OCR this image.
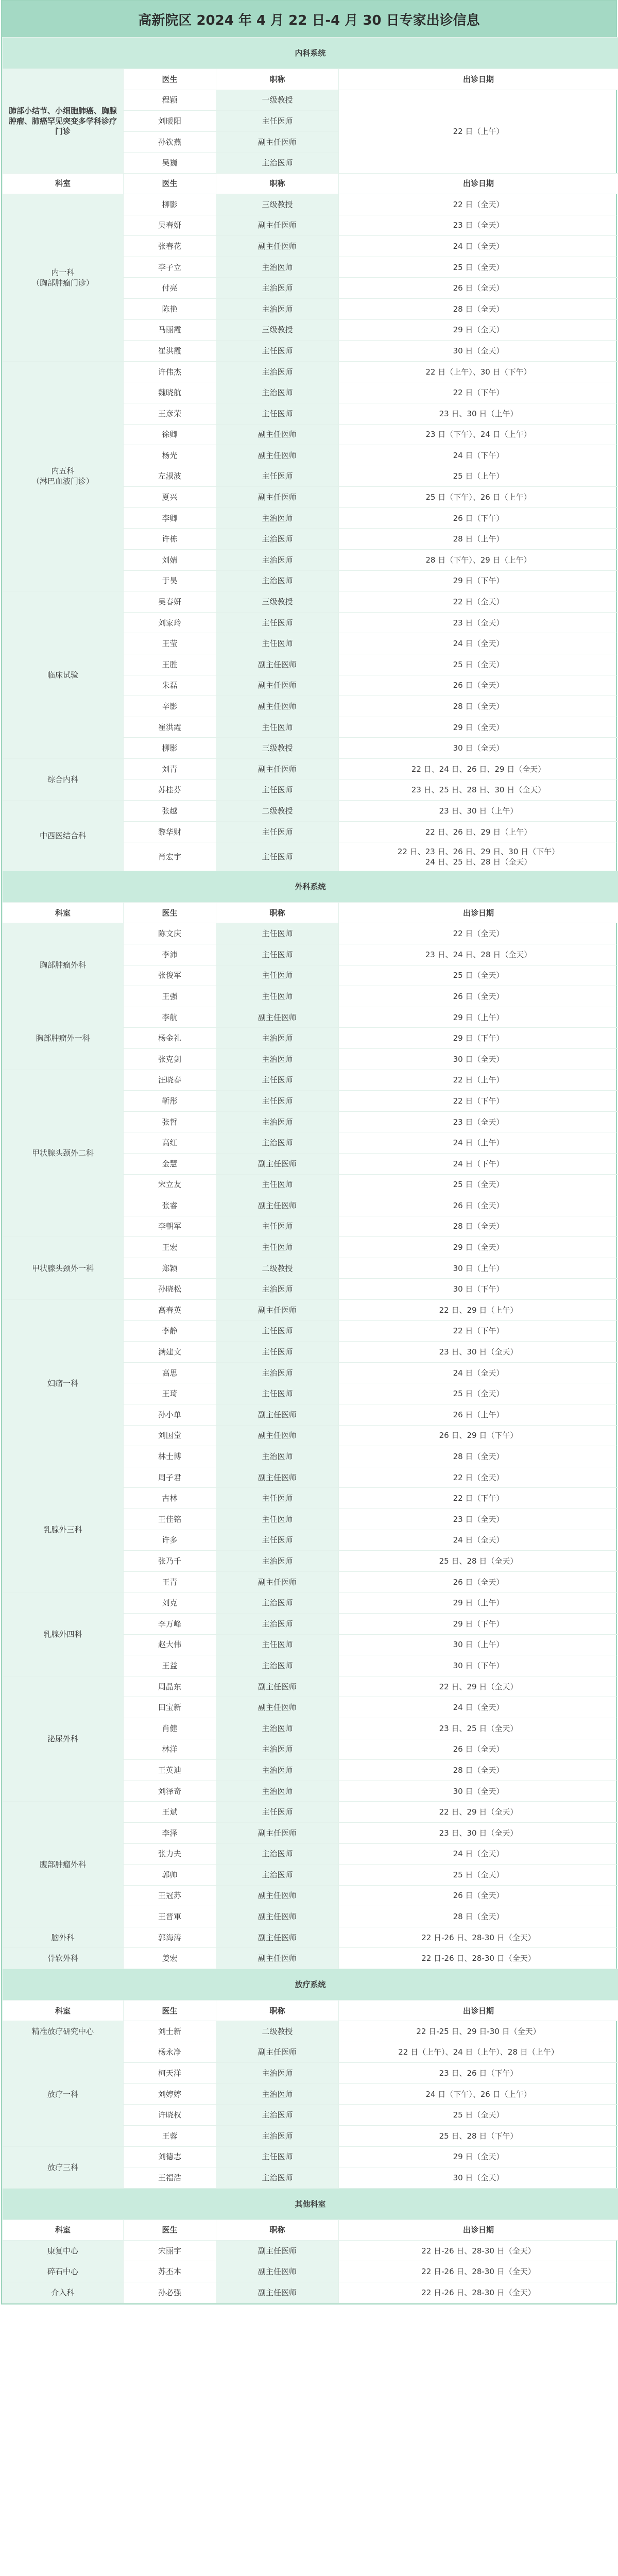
高新院区 2024 年 4 月 22 日-4 月 30 日专家出诊信息
内科系统			
肺部小结节、小细胞肺癌、胸腺肿瘤、肺癌罕见突变多学科诊疗门诊	医生	职称	出诊日期
	程颖	一级教授	22 日（上午）
	刘暖阳	主任医师	
	孙钦燕	副主任医师	
	吴巍	主治医师	
科室	医生	职称	出诊日期
内一科
（胸部肿瘤门诊）	柳影	三级教授	22 日（全天）
	吴春妍	副主任医师	23 日（全天）
	张春花	副主任医师	24 日（全天）
	李子立	主治医师	25 日（全天）
	付亮	主治医师	26 日（全天）
	陈艳	主治医师	28 日（全天）
	马丽霞	三级教授	29 日（全天）
	崔洪霞	主任医师	30 日（全天）
内五科
（淋巴血液门诊）	许伟杰	主治医师	22 日（上午）、30 日（下午）
	魏晓航	主治医师	22 日（下午）
	王彦荣	主任医师	23 日、30 日（上午）
	徐卿	副主任医师	23 日（下午）、24 日（上午）
	杨光	副主任医师	24 日（下午）
	左淑波	主任医师	25 日（上午）
	夏兴	副主任医师	25 日（下午）、26 日（上午）
	李卿	主治医师	26 日（下午）
	许栋	主治医师	28 日（上午）
	刘婧	主治医师	28 日（下午）、29 日（上午）
	于昊	主治医师	29 日（下午）
临床试验	吴春妍	三级教授	22 日（全天）
	刘家玲	主任医师	23 日（全天）
	王莹	主任医师	24 日（全天）
	王胜	副主任医师	25 日（全天）
	朱磊	副主任医师	26 日（全天）
	辛影	副主任医师	28 日（全天）
	崔洪霞	主任医师	29 日（全天）
	柳影	三级教授	30 日（全天）
综合内科	刘青	副主任医师	22 日、24 日、26 日、29 日（全天）
	苏桂芬	主任医师	23 日、25 日、28 日、30 日（全天）
中西医结合科	张越	二级教授	23 日、30 日（上午）
	黎华财	主任医师	22 日、26 日、29 日（上午）
	肖宏宇	主任医师	22 日、23 日、26 日、29 日、30 日（下午）
24 日、25 日、28 日（全天）
外科系统			
科室	医生	职称	出诊日期
胸部肿瘤外科	陈文庆	主任医师	22 日（全天）
	李沛	主任医师	23 日、24 日、28 日（全天）
	张俊军	主任医师	25 日（全天）
	王强	主任医师	26 日（全天）
胸部肿瘤外一科	李航	副主任医师	29 日（上午）
	杨金礼	主治医师	29 日（下午）
	张克剑	主治医师	30 日（全天）
甲状腺头颈外二科	汪晓春	主任医师	22 日（上午）
	靳彤	主任医师	22 日（下午）
	张哲	主治医师	23 日（全天）
	高红	主治医师	24 日（上午）
	金慧	副主任医师	24 日（下午）
	宋立友	主任医师	25 日（全天）
	张睿	副主任医师	26 日（全天）
	李朝军	主任医师	28 日（全天）
甲状腺头颈外一科	王宏	主任医师	29 日（全天）
	郑颖	二级教授	30 日（上午）
	孙晓松	主治医师	30 日（下午）
妇瘤一科	高春英	副主任医师	22 日、29 日（上午）
	李静	主任医师	22 日（下午）
	满建文	主任医师	23 日、30 日（全天）
	高思	主治医师	24 日（全天）
	王琦	主任医师	25 日（全天）
	孙小单	副主任医师	26 日（上午）
	刘国堂	副主任医师	26 日、29 日（下午）
	林士博	主治医师	28 日（全天）
乳腺外三科	周子君	副主任医师	22 日（全天）
	古林	主任医师	22 日（下午）
	王佳铭	主任医师	23 日（全天）
	许多	主任医师	24 日（全天）
	张乃千	主治医师	25 日、28 日（全天）
	王青	副主任医师	26 日（全天）
乳腺外四科	刘克	主治医师	29 日（上午）
	李万峰	主治医师	29 日（下午）
	赵大伟	主任医师	30 日（上午）
	王益	主治医师	30 日（下午）
泌尿外科	周晶东	副主任医师	22 日、29 日（全天）
	田宝新	副主任医师	24 日（全天）
	肖健	主治医师	23 日、25 日（全天）
	林洋	主治医师	26 日（全天）
	王英迪	主治医师	28 日（全天）
	刘泽奇	主治医师	30 日（全天）
腹部肿瘤外科	王斌	主任医师	22 日、29 日（全天）
	李泽	副主任医师	23 日、30 日（全天）
	张力夫	主治医师	24 日（全天）
	郭帅	主治医师	25 日（全天）
	王冠苏	副主任医师	26 日（全天）
	王晋軍	副主任医师	28 日（全天）
脑外科	郭海涛	副主任医师	22 日-26 日、28-30 日（全天）
骨软外科	姜宏	副主任医师	22 日-26 日、28-30 日（全天）
放疗系统			
科室	医生	职称	出诊日期
精准放疗研究中心	刘士新	二级教授	22 日-25 日、29 日-30 日（全天）
放疗一科	杨永净	副主任医师	22 日（上午）、24 日（上午）、28 日（上午）
	柯天洋	主治医师	23 日、26 日（下午）
	刘婷婷	主治医师	24 日（下午）、26 日（上午）
	许晓权	主治医师	25 日（全天）
	王蓉	主治医师	25 日、28 日（下午）
放疗三科	刘德志	主任医师	29 日（全天）
	王福浩	主治医师	30 日（全天）
其他科室			
科室	医生	职称	出诊日期
康复中心	宋丽宇	副主任医师	22 日-26 日、28-30 日（全天）
碎石中心	苏丕本	副主任医师	22 日-26 日、28-30 日（全天）
介入科	孙必强	副主任医师	22 日-26 日、28-30 日（全天）
